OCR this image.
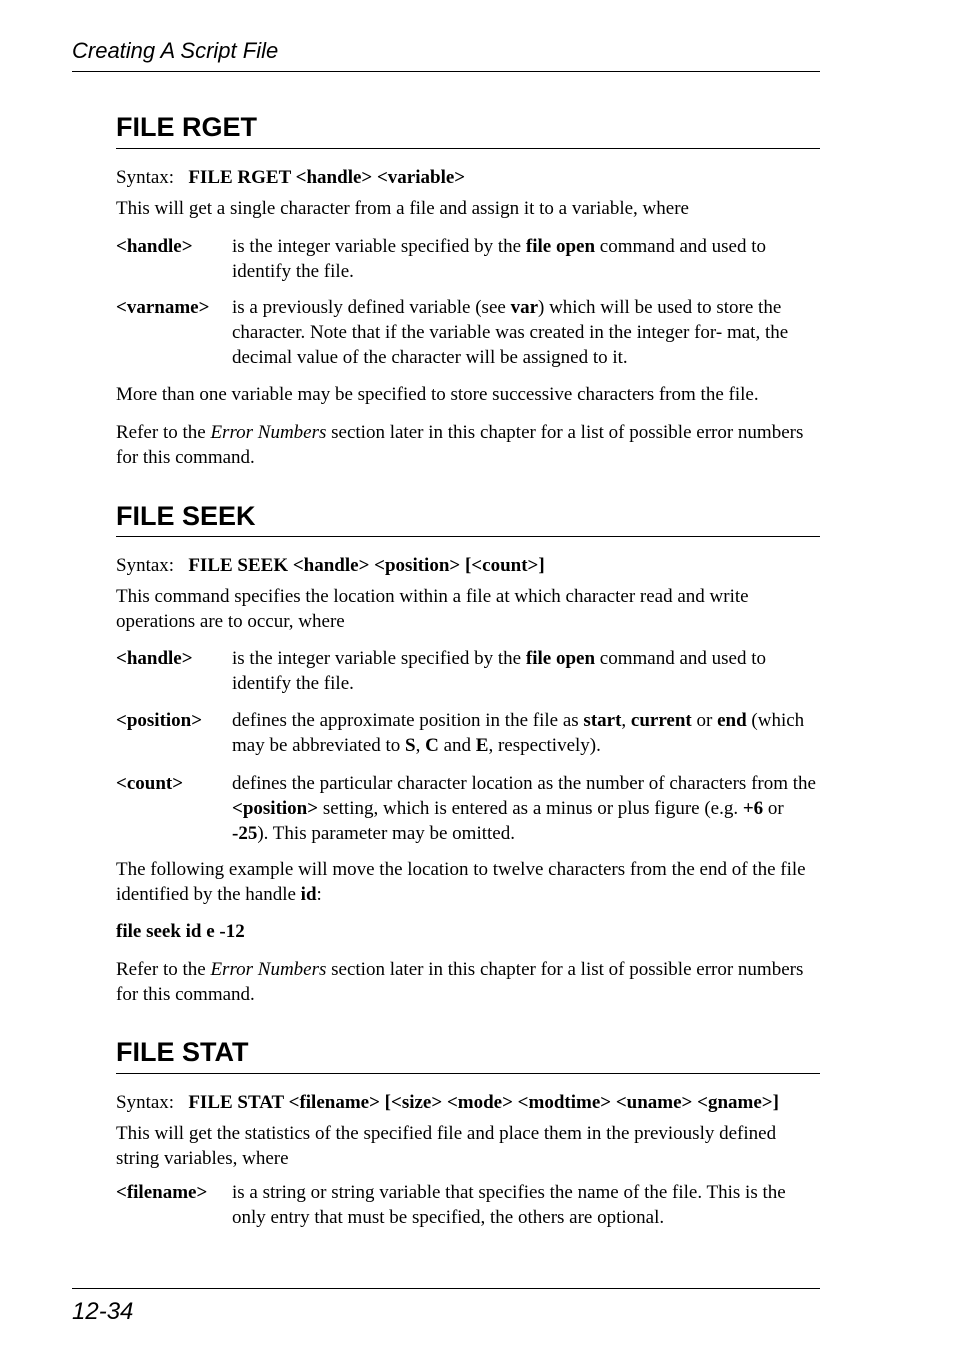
Creating A Script File
FILE RGET
Syntax: FILE RGET <handle> <variable>
This will get a single character from a file and assign it to a variable, where
<handle> is the integer variable specified by the file open command and used to identify the file.
<varname> is a previously defined variable (see var) which will be used to store the character. Note that if the variable was created in the integer for- mat, the decimal value of the character will be assigned to it.
More than one variable may be specified to store successive characters from the file.
Refer to the Error Numbers section later in this chapter for a list of possible error numbers for this command.
FILE SEEK
Syntax: FILE SEEK <handle> <position> [<count>]
This command specifies the location within a file at which character read and write operations are to occur, where
<handle> is the integer variable specified by the file open command and used to identify the file.
<position> defines the approximate position in the file as start, current or end (which may be abbreviated to S, C and E, respectively).
<count>	defines the particular character location as the number of characters from the <position> setting, which is entered as a minus or plus figure (e.g. +6 or -25). This parameter may be omitted.
The following example will move the location to twelve characters from the end of the file identified by the handle id:
file seek id e -12
Refer to the Error Numbers section later in this chapter for a list of possible error numbers for this command.
FILE STAT
Syntax: FILE STAT <filename> [<size> <mode> <modtime> <uname> <gname>]
This will get the statistics of the specified file and place them in the previously defined string variables, where
<filename> is a string or string variable that specifies the name of the file. This is the only entry that must be specified, the others are optional.
12-34
